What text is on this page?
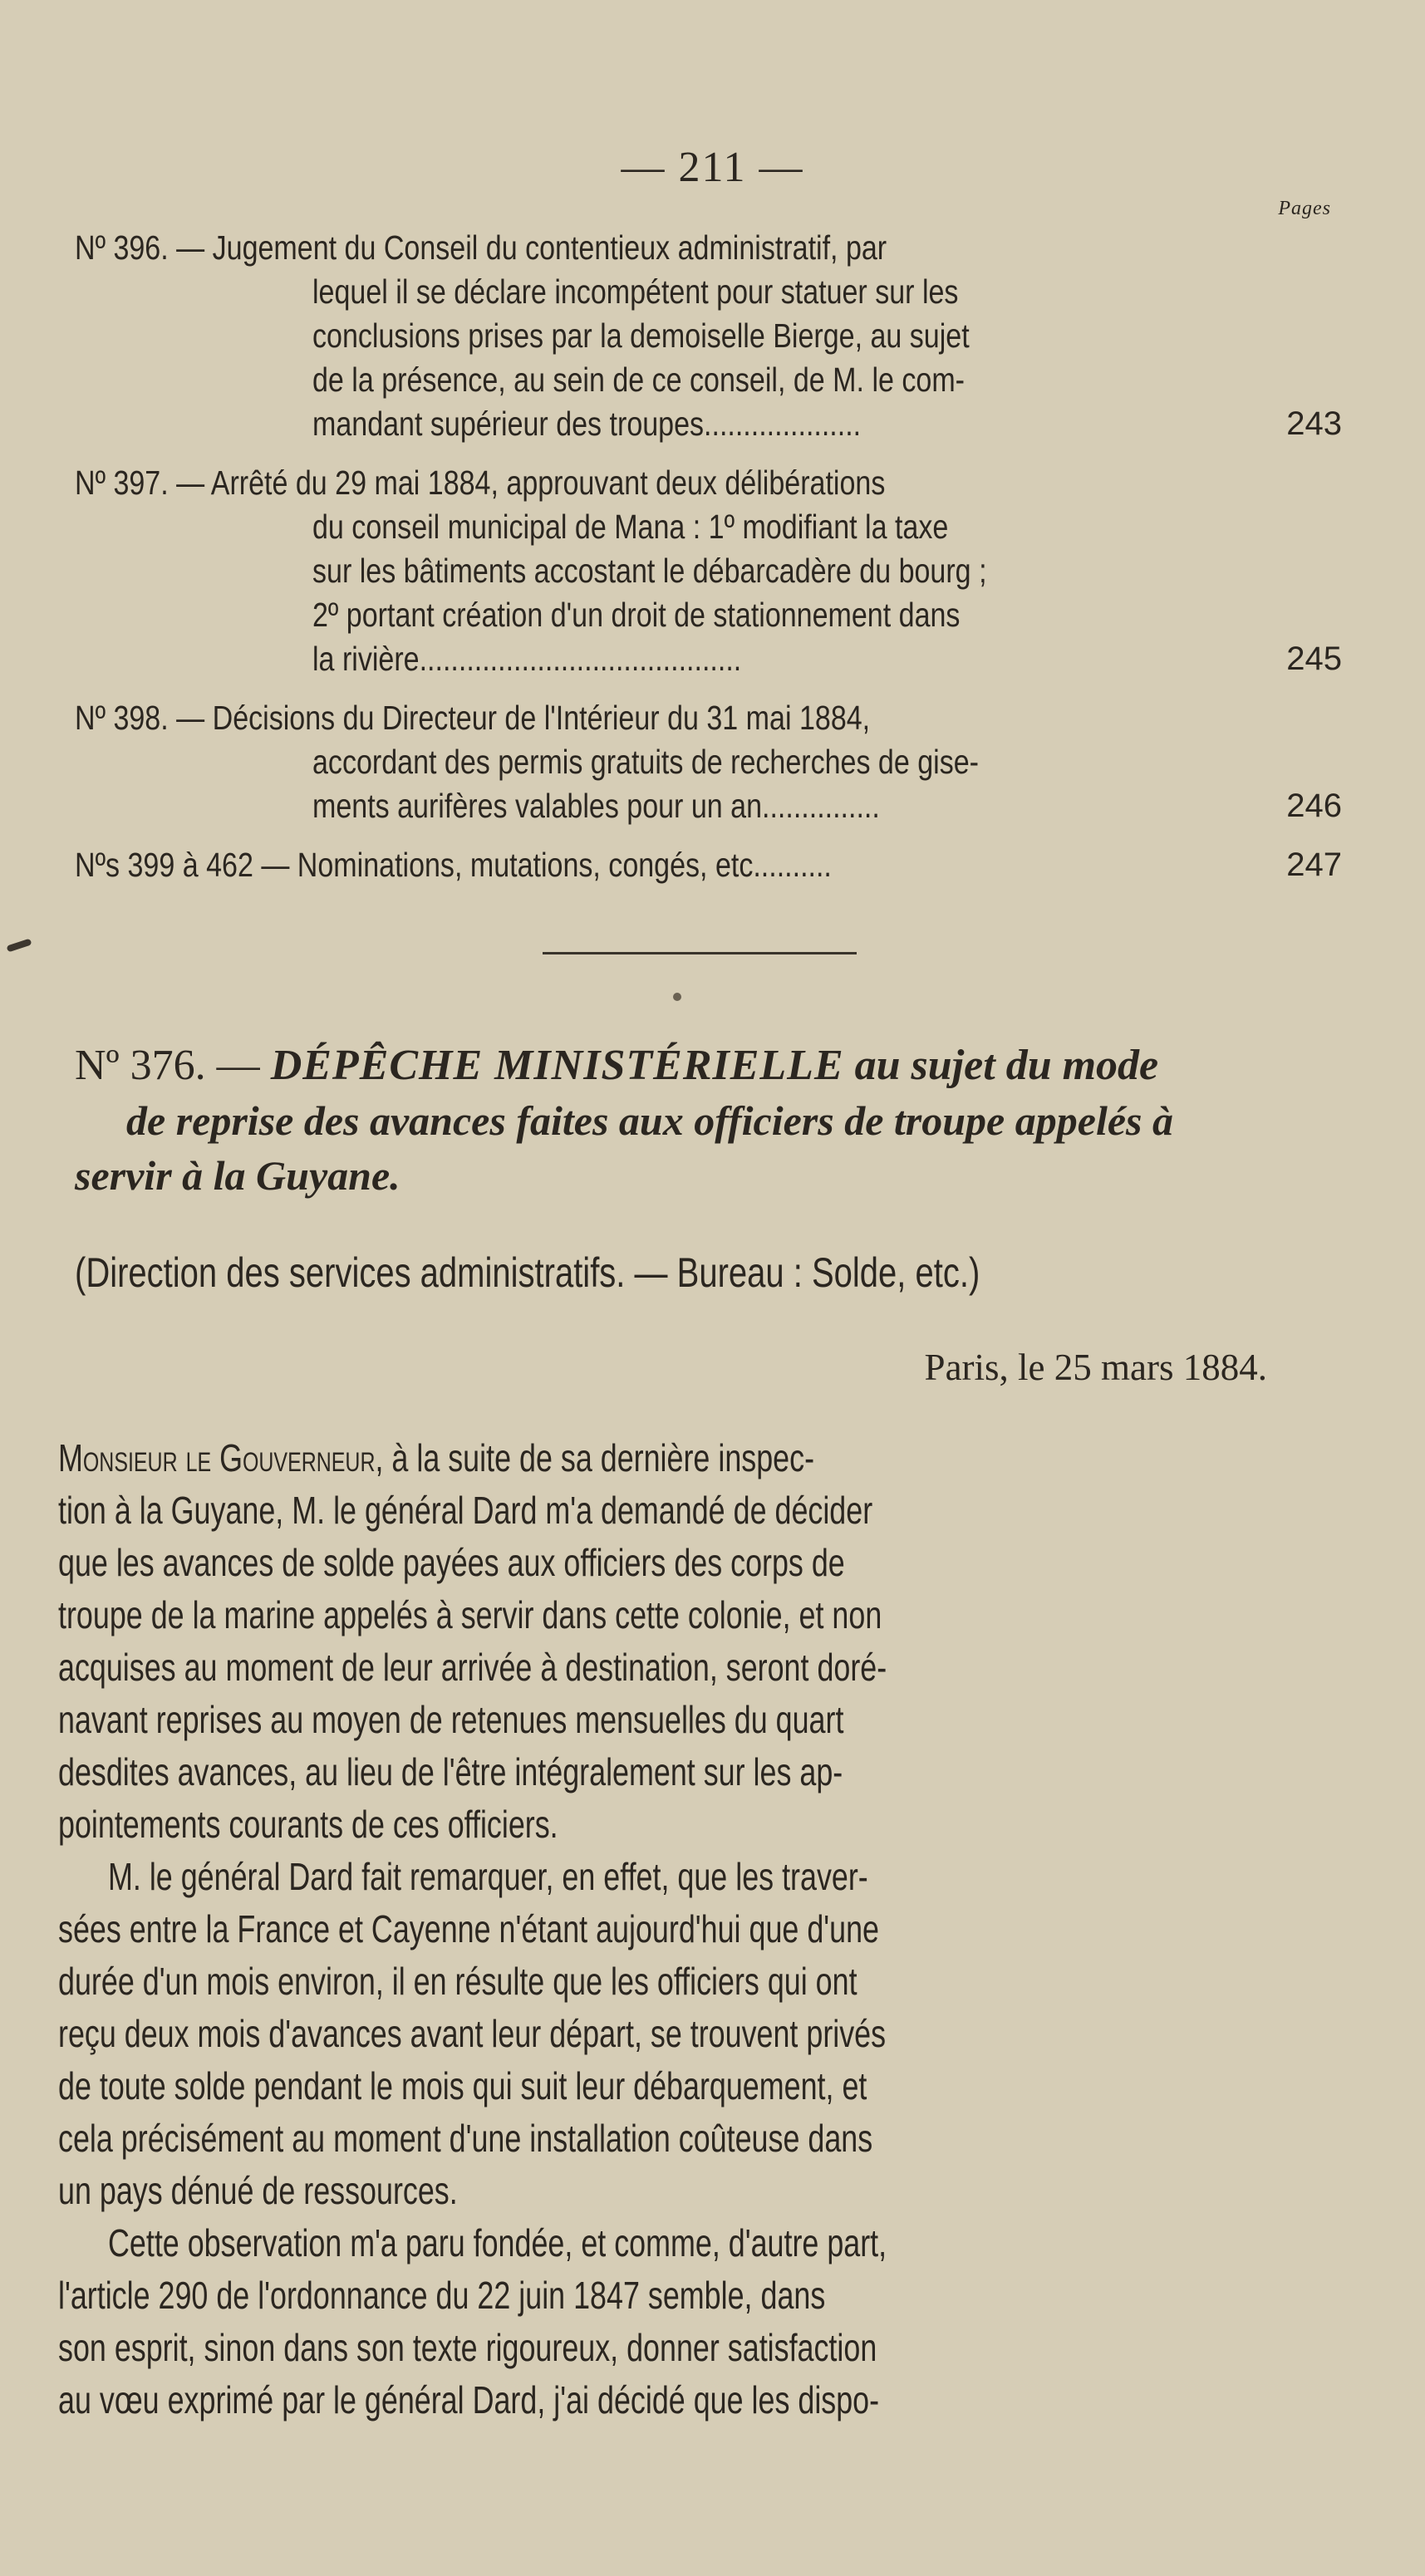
— 211 —
Pages
Nº 396. — Jugement du Conseil du contentieux administratif, par
lequel il se déclare incompétent pour statuer sur les
conclusions prises par la demoiselle Bierge, au sujet
de la présence, au sein de ce conseil, de M. le com-
mandant supérieur des troupes....................	243
Nº 397. — Arrêté du 29 mai 1884, approuvant deux délibérations
du conseil municipal de Mana : 1º modifiant la taxe
sur les bâtiments accostant le débarcadère du bourg ;
2º portant création d'un droit de stationnement dans
la rivière.........................................	245
Nº 398. — Décisions du Directeur de l'Intérieur du 31 mai 1884,
accordant des permis gratuits de recherches de gise-
ments aurifères valables pour un an...............	246
Nºs 399 à 462 — Nominations, mutations, congés, etc..........	247
Nº 376. — DÉPÊCHE MINISTÉRIELLE au sujet du mode
de reprise des avances faites aux officiers de troupe appelés à
servir à la Guyane.
(Direction des services administratifs. — Bureau : Solde, etc.)
Paris, le 25 mars 1884.
Monsieur le Gouverneur, à la suite de sa dernière inspec-
tion à la Guyane, M. le général Dard m'a demandé de décider
que les avances de solde payées aux officiers des corps de
troupe de la marine appelés à servir dans cette colonie, et non
acquises au moment de leur arrivée à destination, seront doré-
navant reprises au moyen de retenues mensuelles du quart
desdites avances, au lieu de l'être intégralement sur les ap-
pointements courants de ces officiers.
M. le général Dard fait remarquer, en effet, que les traver-
sées entre la France et Cayenne n'étant aujourd'hui que d'une
durée d'un mois environ, il en résulte que les officiers qui ont
reçu deux mois d'avances avant leur départ, se trouvent privés
de toute solde pendant le mois qui suit leur débarquement, et
cela précisément au moment d'une installation coûteuse dans
un pays dénué de ressources.
Cette observation m'a paru fondée, et comme, d'autre part,
l'article 290 de l'ordonnance du 22 juin 1847 semble, dans
son esprit, sinon dans son texte rigoureux, donner satisfaction
au vœu exprimé par le général Dard, j'ai décidé que les dispo-
